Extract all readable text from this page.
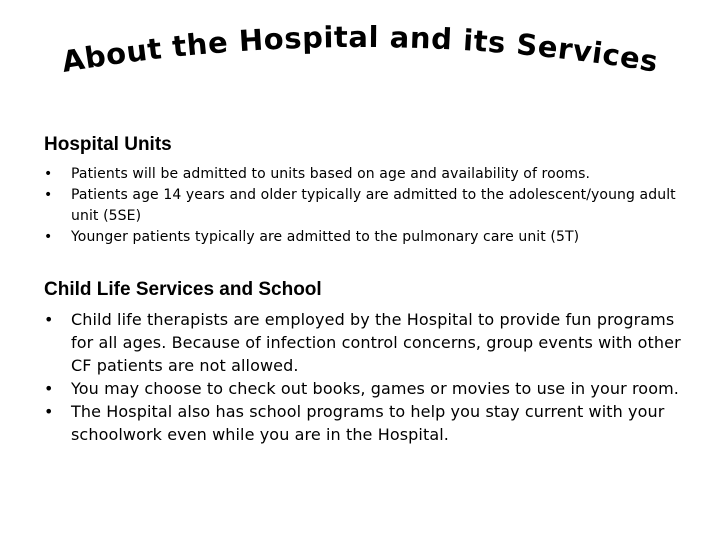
About the Hospital and its Services
Hospital Units
• Patients will be admitted to units based on age and availability of rooms.
• Patients age 14 years and older typically are admitted to the adolescent/young adult unit (5SE)
• Younger patients typically are admitted to the pulmonary care unit (5T)
Child Life Services and School
• Child life therapists are employed by the Hospital to provide fun programs for all ages. Because of infection control concerns, group events with other CF patients are not allowed.
• You may choose to check out books, games or movies to use in your room.
• The Hospital also has school programs to help you stay current with your schoolwork even while you are in the Hospital.
